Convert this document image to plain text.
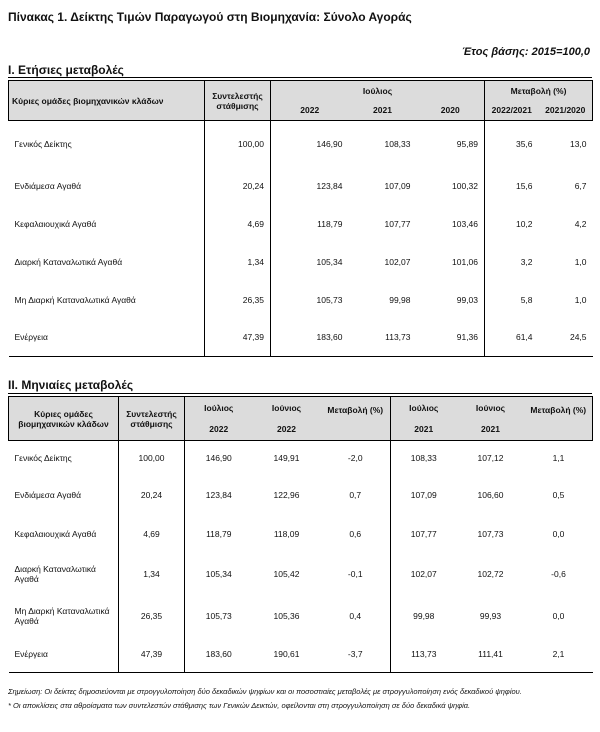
Πίνακας 1. Δείκτης Τιμών Παραγωγού στη Βιομηχανία: Σύνολο Αγοράς
Έτος βάσης: 2015=100,0
I. Ετήσιες μεταβολές
Κύριες ομάδες βιομηχανικών κλάδων	Συντελεστής στάθμισης	Ιούλιος			Μεταβολή (%)	
		2022	2021	2020	2022/2021	2021/2020
Γενικός Δείκτης	100,00	146,90	108,33	95,89	35,6	13,0
Ενδιάμεσα Αγαθά	20,24	123,84	107,09	100,32	15,6	6,7
Κεφαλαιουχικά Αγαθά	4,69	118,79	107,77	103,46	10,2	4,2
Διαρκή Καταναλωτικά Αγαθά	1,34	105,34	102,07	101,06	3,2	1,0
Μη Διαρκή Καταναλωτικά Αγαθά	26,35	105,73	99,98	99,03	5,8	1,0
Ενέργεια	47,39	183,60	113,73	91,36	61,4	24,5
II. Μηνιαίες μεταβολές
Κύριες ομάδες βιομηχανικών κλάδων	Συντελεστής στάθμισης	Ιούλιος	Ιούνιος	Μεταβολή (%)	Ιούλιος	Ιούνιος	Μεταβολή (%)
		2022	2022		2021	2021	
Γενικός Δείκτης	100,00	146,90	149,91	-2,0	108,33	107,12	1,1
Ενδιάμεσα Αγαθά	20,24	123,84	122,96	0,7	107,09	106,60	0,5
Κεφαλαιουχικά Αγαθά	4,69	118,79	118,09	0,6	107,77	107,73	0,0
Διαρκή Καταναλωτικά Αγαθά	1,34	105,34	105,42	-0,1	102,07	102,72	-0,6
Μη Διαρκή Καταναλωτικά Αγαθά	26,35	105,73	105,36	0,4	99,98	99,93	0,0
Ενέργεια	47,39	183,60	190,61	-3,7	113,73	111,41	2,1
Σημείωση: Οι δείκτες δημοσιεύονται με στρογγυλοποίηση δύο δεκαδικών ψηφίων και οι ποσοστιαίες μεταβολές με στρογγυλοποίηση ενός δεκαδικού ψηφίου.
* Οι αποκλίσεις στα αθροίσματα των συντελεστών στάθμισης των Γενικών Δεικτών, οφείλονται στη στρογγυλοποίηση σε δύο δεκαδικά ψηφία.
